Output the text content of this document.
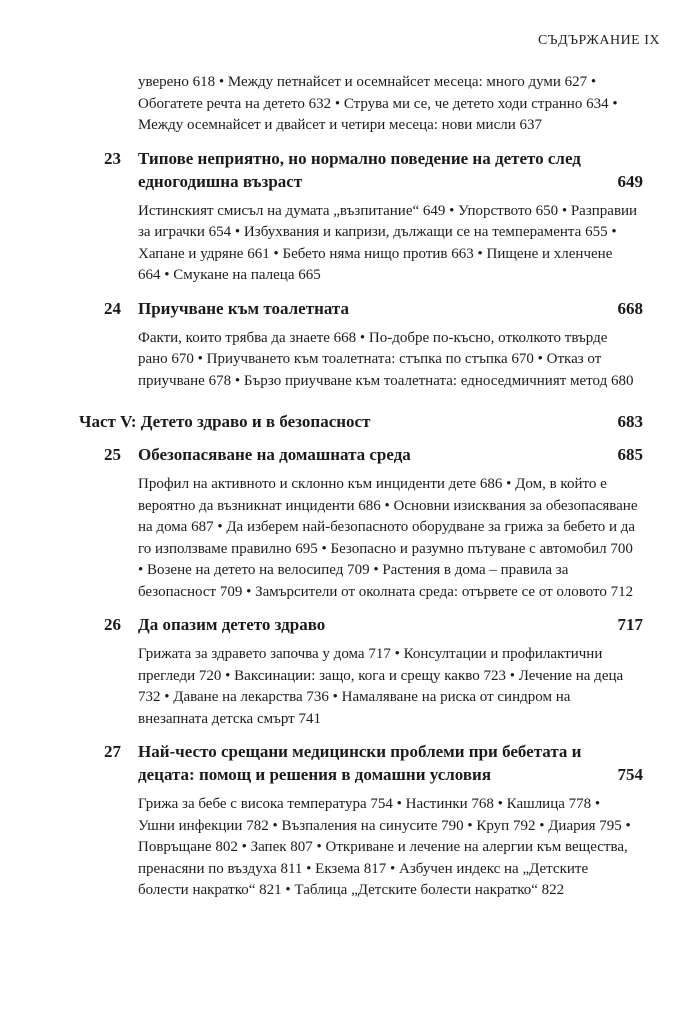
СЪДЪРЖАНИЕ IX
уверено 618 • Между петнайсет и осемнайсет месеца: много думи 627 • Обогатете речта на детето 632 • Струва ми се, че детето ходи странно 634 • Между осемнайсет и двайсет и четири месеца: нови мисли 637
23 Типове неприятно, но нормално поведение на детето след едногодишна възраст	649
Истинският смисъл на думата „възпитание“ 649 • Упорството 650 • Разправии за играчки 654 • Избухвания и капризи, дължащи се на темперамента 655 • Хапане и удряне 661 • Бебето няма нищо против 663 • Пищене и хленчене 664 • Смукане на палеца 665
24 Приучване към тоалетната	668
Факти, които трябва да знаете 668 • По-добре по-късно, отколкото твърде рано 670 • Приучването към тоалетната: стъпка по стъпка 670 • Отказ от приучване 678 • Бързо приучване към тоалетната: едноседмичният метод 680
Част V: Детето здраво и в безопасност	683
25 Обезопасяване на домашната среда	685
Профил на активното и склонно към инциденти дете 686 • Дом, в който е вероятно да възникнат инциденти 686 • Основни изисквания за обезопасяване на дома 687 • Да изберем най-безопасното оборудване за грижа за бебето и да го използваме правилно 695 • Безопасно и разумно пътуване с автомобил 700 • Возене на детето на велосипед 709 • Растения в дома – правила за безопасност 709 • Замърсители от околната среда: отървете се от оловото 712
26 Да опазим детето здраво	717
Грижата за здравето започва у дома 717 • Консултации и профилактични прегледи 720 • Ваксинации: защо, кога и срещу какво 723 • Лечение на деца 732 • Даване на лекарства 736 • Намаляване на риска от синдром на внезапната детска смърт 741
27 Най-често срещани медицински проблеми при бебетата и децата: помощ и решения в домашни условия	754
Грижа за бебе с висока температура 754 • Настинки 768 • Кашлица 778 • Ушни инфекции 782 • Възпаления на синусите 790 • Круп 792 • Диария 795 • Повръщане 802 • Запек 807 • Откриване и лечение на алергии към вещества, пренасяни по въздуха 811 • Екзема 817 • Азбучен индекс на „Детските болести накратко“ 821 • Таблица „Детските болести накратко“ 822
